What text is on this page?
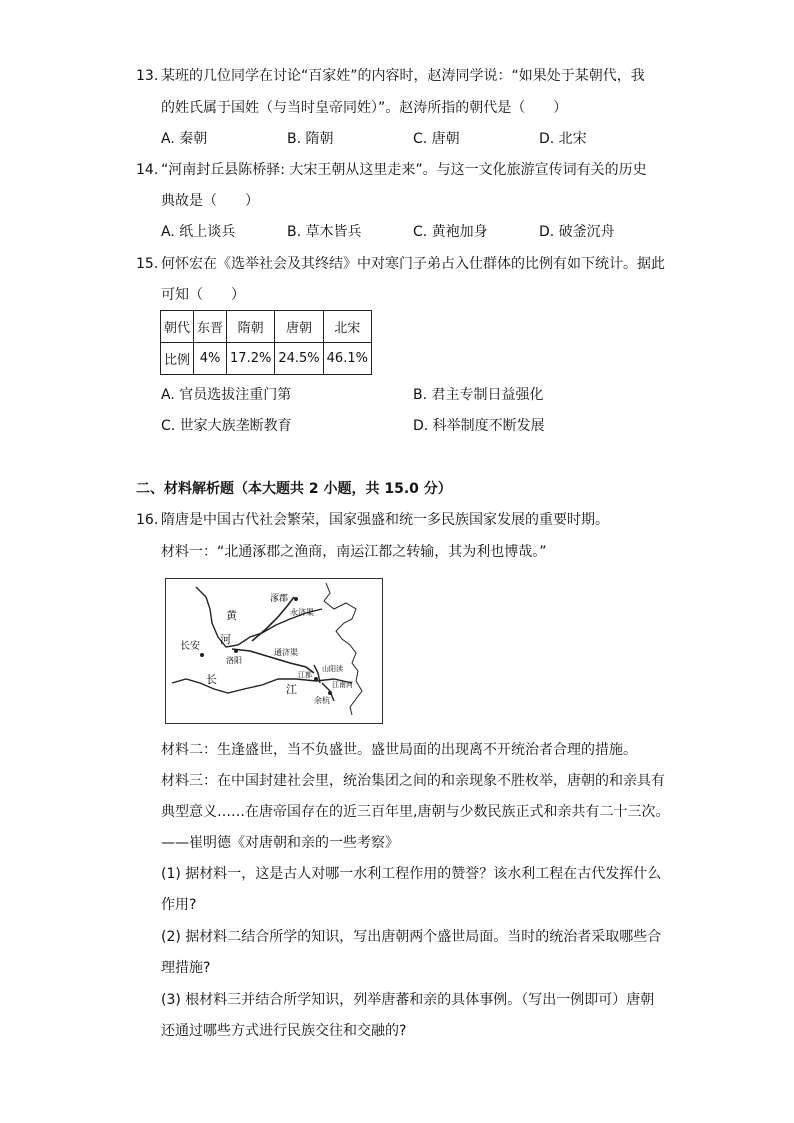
13. 某班的几位同学在讨论“百家姓”的内容时，赵涛同学说：“如果处于某朝代，我
的姓氏属于国姓（与当时皇帝同姓）”。赵涛所指的朝代是（　　）
A. 秦朝	B. 隋朝	C. 唐朝	D. 北宋
14. “河南封丘县陈桥驿: 大宋王朝从这里走来”。与这一文化旅游宣传词有关的历史
典故是（　　）
A. 纸上谈兵	B. 草木皆兵	C. 黄袍加身	D. 破釜沉舟
15. 何怀宏在《选举社会及其终结》中对寒门子弟占入仕群体的比例有如下统计。据此
可知（　　）
朝代	东晋	隋朝	唐朝	北宋
比例	4%	17.2%	24.5%	46.1%
A. 官员选拔注重门第	B. 君主专制日益强化
C. 世家大族垄断教育	D. 科举制度不断发展
二、材料解析题（本大题共 2 小题，共 15.0 分）
16. 隋唐是中国古代社会繁荣，国家强盛和统一多民族国家发展的重要时期。
材料一：“北通涿郡之渔商，南运江都之转输，其为利也博哉。”
涿郡
永济渠
黄
河
长安
洛阳
通济渠
江都
山阳渎
江南河
余杭
长
江
材料二：生逢盛世，当不负盛世。盛世局面的出现离不开统治者合理的措施。
材料三：在中国封建社会里，统治集团之间的和亲现象不胜枚举，唐朝的和亲具有
典型意义……在唐帝国存在的近三百年里,唐朝与少数民族正式和亲共有二十三次。
——崔明德《对唐朝和亲的一些考察》
(1) 据材料一，这是古人对哪一水利工程作用的赞誉？该水利工程在古代发挥什么
作用?
(2) 据材料二结合所学的知识，写出唐朝两个盛世局面。当时的统治者采取哪些合
理措施?
(3) 根材料三并结合所学知识，列举唐蕃和亲的具体事例。（写出一例即可）唐朝
还通过哪些方式进行民族交往和交融的?
